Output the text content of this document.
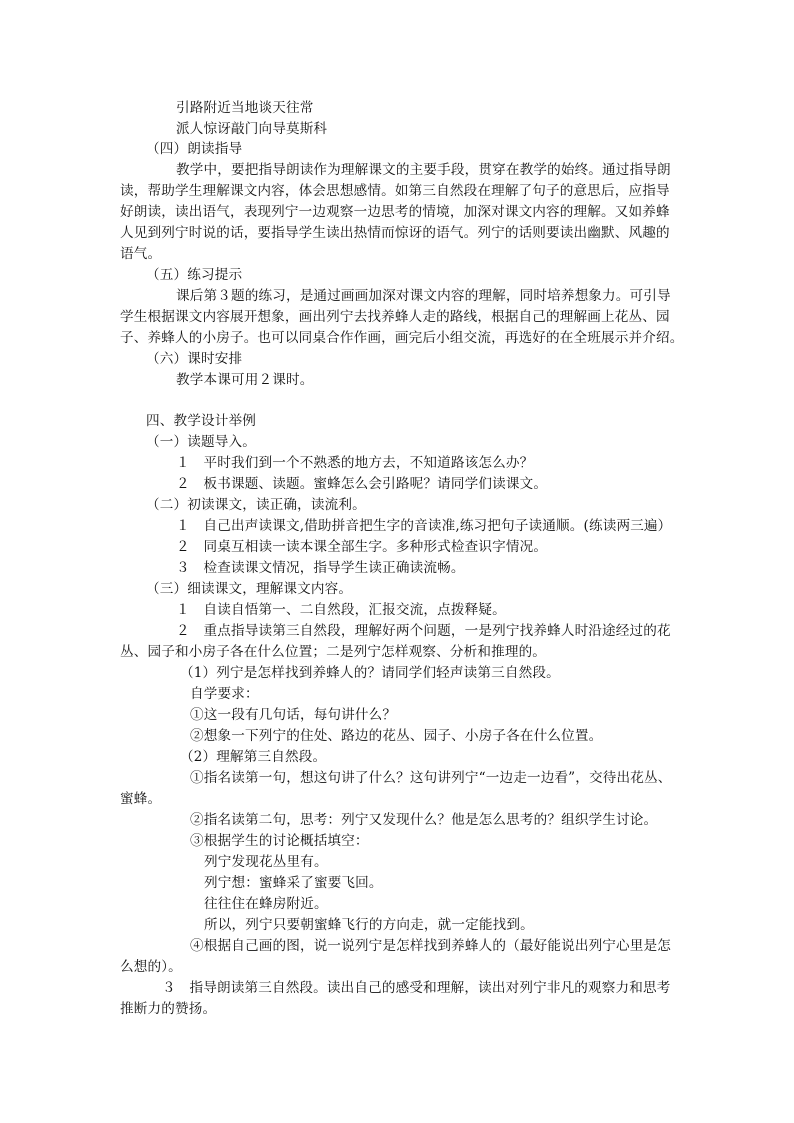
引路附近当地谈天往常

派人惊讶敲门向导莫斯科

（四）朗读指导

教学中，要把指导朗读作为理解课文的主要手段，贯穿在教学的始终。通过指导朗

读，帮助学生理解课文内容，体会思想感情。如第三自然段在理解了句子的意思后，应指导

好朗读，读出语气，表现列宁一边观察一边思考的情境，加深对课文内容的理解。又如养蜂

人见到列宁时说的话，要指导学生读出热情而惊讶的语气。列宁的话则要读出幽默、风趣的

语气。

（五）练习提示

课后第３题的练习，是通过画画加深对课文内容的理解，同时培养想象力。可引导

学生根据课文内容展开想象，画出列宁去找养蜂人走的路线，根据自己的理解画上花丛、园

子、养蜂人的小房子。也可以同桌合作作画，画完后小组交流，再选好的在全班展示并介绍。

（六）课时安排

教学本课可用２课时。

四、教学设计举例

（一）读题导入。

１　平时我们到一个不熟悉的地方去，不知道路该怎么办？

２　板书课题、读题。蜜蜂怎么会引路呢？请同学们读课文。

（二）初读课文，读正确，读流利。

１　自己出声读课文,借助拼音把生字的音读准,练习把句子读通顺。(练读两三遍）

２　同桌互相读一读本课全部生字。多种形式检查识字情况。

３　检查读课文情况，指导学生读正确读流畅。

（三）细读课文，理解课文内容。

１　自读自悟第一、二自然段，汇报交流，点拨释疑。

２　重点指导读第三自然段，理解好两个问题，一是列宁找养蜂人时沿途经过的花

丛、园子和小房子各在什么位置；二是列宁怎样观察、分析和推理的。

（1）列宁是怎样找到养蜂人的？请同学们轻声读第三自然段。

自学要求：

①这一段有几句话，每句讲什么？

②想象一下列宁的住处、路边的花丛、园子、小房子各在什么位置。

（2）理解第三自然段。

①指名读第一句，想这句讲了什么？这句讲列宁“一边走一边看”，交待出花丛、

蜜蜂。

②指名读第二句，思考：列宁又发现什么？他是怎么思考的？组织学生讨论。

③根据学生的讨论概括填空：

列宁发现花丛里有。

列宁想：蜜蜂采了蜜要飞回。

往往住在蜂房附近。

所以，列宁只要朝蜜蜂飞行的方向走，就一定能找到。

④根据自己画的图，说一说列宁是怎样找到养蜂人的（最好能说出列宁心里是怎

么想的）。

３　指导朗读第三自然段。读出自己的感受和理解，读出对列宁非凡的观察力和思考

推断力的赞扬。
